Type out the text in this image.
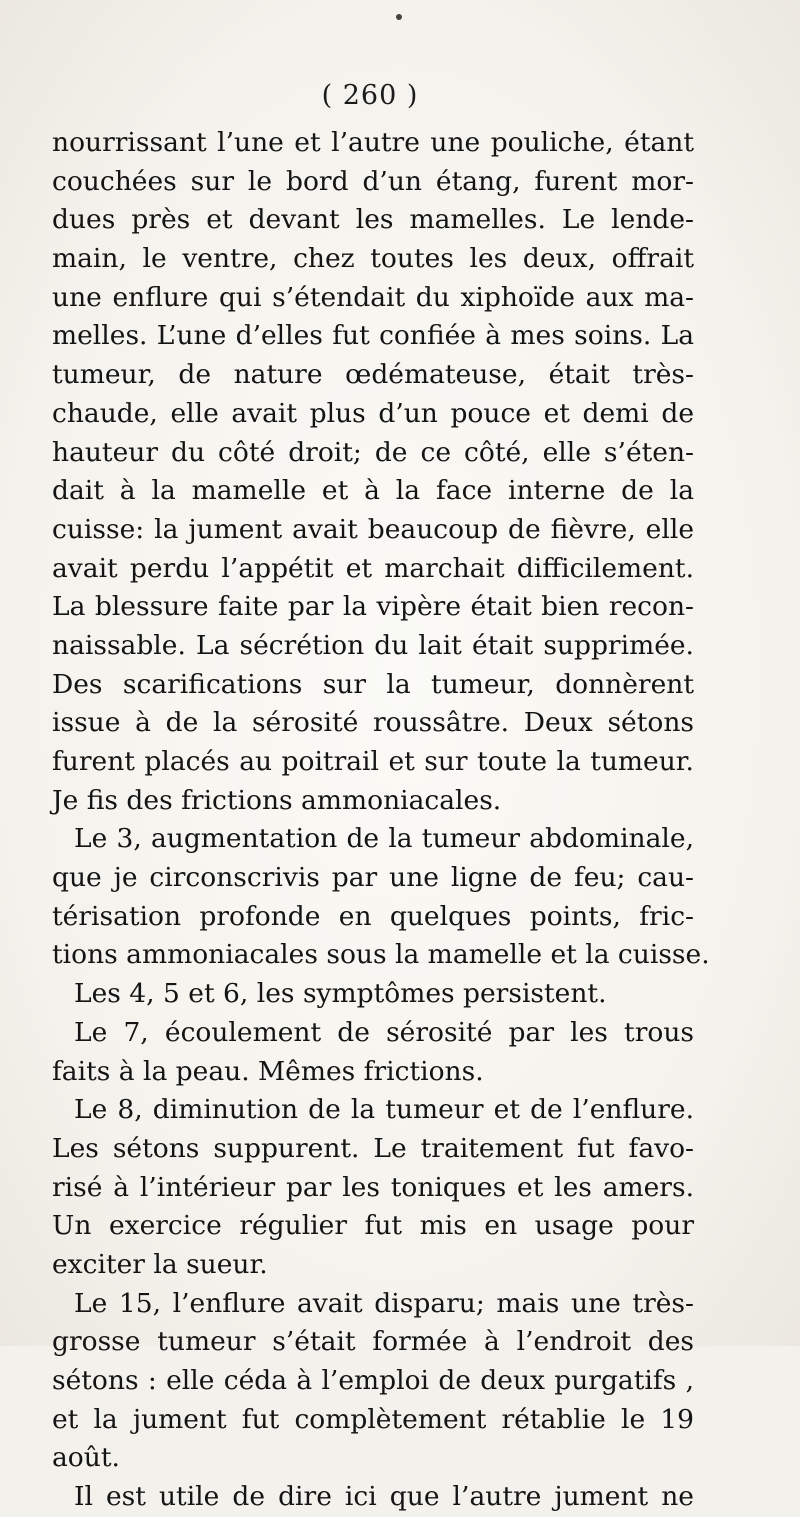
( 260 )
nourrissant l’une et l’autre une pouliche, étant
couchées sur le bord d’un étang, furent mor-
dues près et devant les mamelles. Le lende-
main, le ventre, chez toutes les deux, offrait
une enflure qui s’étendait du xiphoïde aux ma-
melles. L’une d’elles fut confiée à mes soins. La
tumeur, de nature œdémateuse, était très-
chaude, elle avait plus d’un pouce et demi de
hauteur du côté droit; de ce côté, elle s’éten-
dait à la mamelle et à la face interne de la
cuisse: la jument avait beaucoup de fièvre, elle
avait perdu l’appétit et marchait difficilement.
La blessure faite par la vipère était bien recon-
naissable. La sécrétion du lait était supprimée.
Des scarifications sur la tumeur, donnèrent
issue à de la sérosité roussâtre. Deux sétons
furent placés au poitrail et sur toute la tumeur.
Je fis des frictions ammoniacales.
Le 3, augmentation de la tumeur abdominale,
que je circonscrivis par une ligne de feu; cau-
térisation profonde en quelques points, fric-
tions ammoniacales sous la mamelle et la cuisse.
Les 4, 5 et 6, les symptômes persistent.
Le 7, écoulement de sérosité par les trous
faits à la peau. Mêmes frictions.
Le 8, diminution de la tumeur et de l’enflure.
Les sétons suppurent. Le traitement fut favo-
risé à l’intérieur par les toniques et les amers.
Un exercice régulier fut mis en usage pour
exciter la sueur.
Le 15, l’enflure avait disparu; mais une très-
grosse tumeur s’était formée à l’endroit des
sétons : elle céda à l’emploi de deux purgatifs ,
et la jument fut complètement rétablie le 19
août.
Il est utile de dire ici que l’autre jument ne
